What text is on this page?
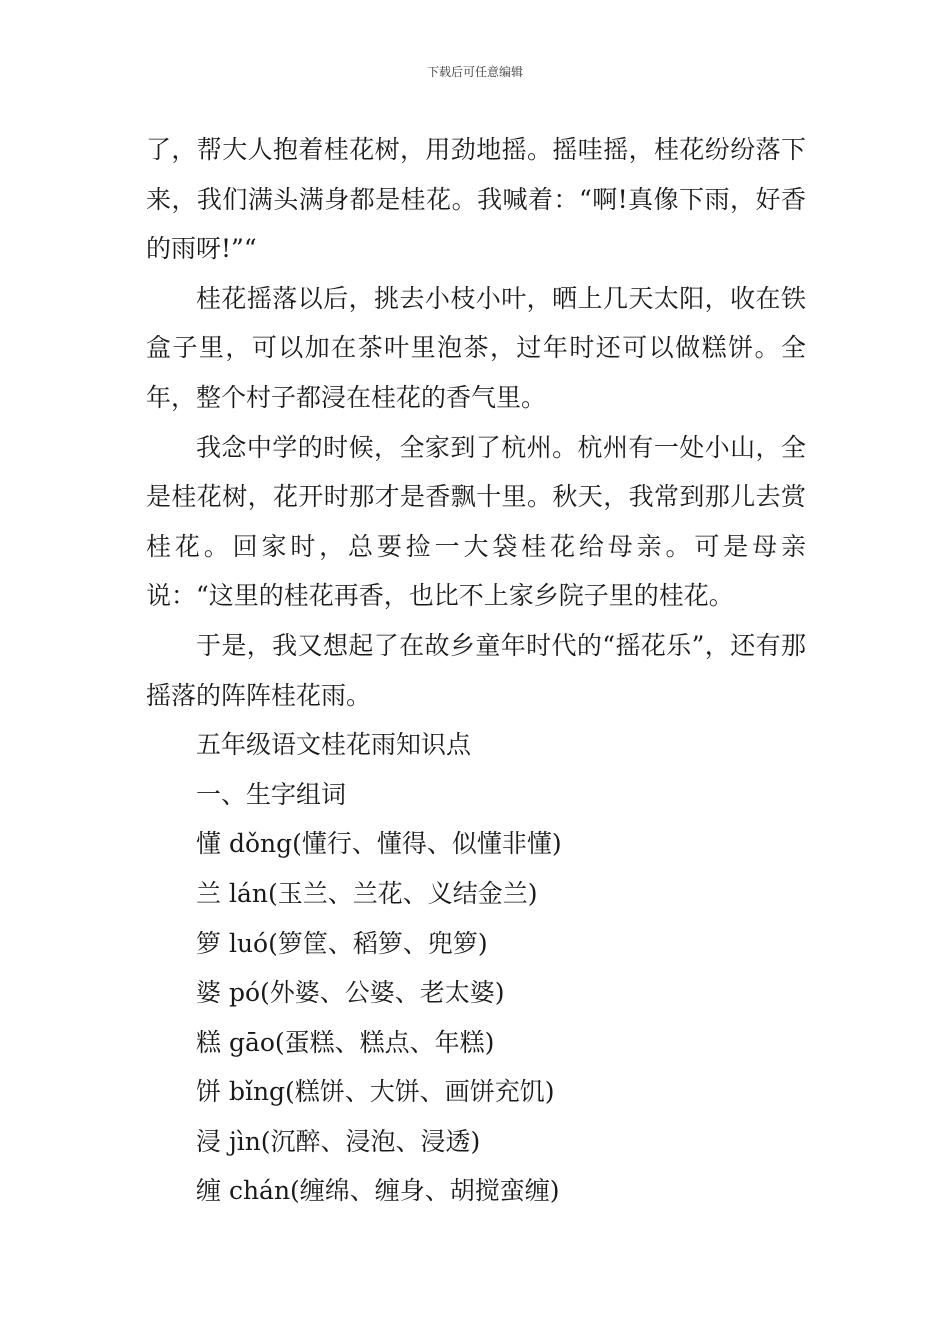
下载后可任意编辑

了，帮大人抱着桂花树，用劲地摇。摇哇摇，桂花纷纷落下来，我们满头满身都是桂花。我喊着：“啊!真像下雨，好香的雨呀!”“

桂花摇落以后，挑去小枝小叶，晒上几天太阳，收在铁盒子里，可以加在茶叶里泡茶，过年时还可以做糕饼。全年，整个村子都浸在桂花的香气里。

我念中学的时候，全家到了杭州。杭州有一处小山，全是桂花树，花开时那才是香飘十里。秋天，我常到那儿去赏桂花。回家时，总要捡一大袋桂花给母亲。可是母亲说：“这里的桂花再香，也比不上家乡院子里的桂花。

于是，我又想起了在故乡童年时代的“摇花乐”，还有那摇落的阵阵桂花雨。

五年级语文桂花雨知识点

一、生字组词

懂 dǒng(懂行、懂得、似懂非懂)

兰 lán(玉兰、兰花、义结金兰)

箩 luó(箩筐、稻箩、兜箩)

婆 pó(外婆、公婆、老太婆)

糕 gāo(蛋糕、糕点、年糕)

饼 bǐng(糕饼、大饼、画饼充饥)

浸 jìn(沉醉、浸泡、浸透)

缠 chán(缠绵、缠身、胡搅蛮缠)
